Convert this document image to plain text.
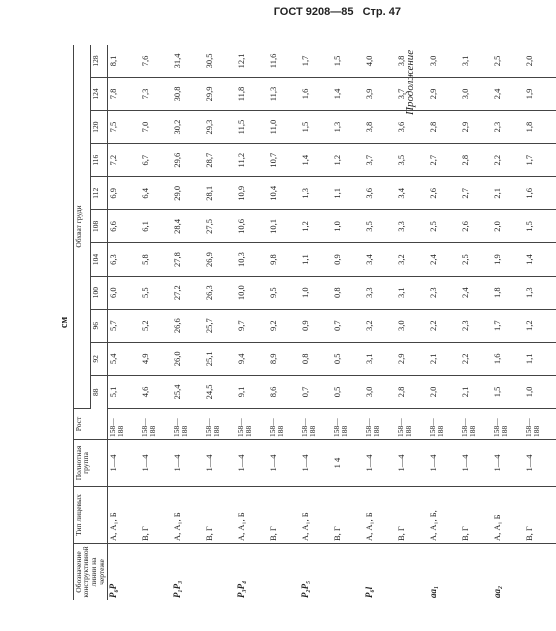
ГОСТ 9208—85 Стр. 47
Продолжение
см														
Обозначение конструктивной линии на чертеже	Тип лицевых	Полнотная группа	Рост	Обхват груди										
				88	92	96	100	104	108	112	116	120	124	128
P₆P	А, А₁, Б	1—4	158—188	5,1	5,4	5,7	6,0	6,3	6,6	6,9	7,2	7,5	7,8	8,1
	В, Г	1—4	158—188	4,6	4,9	5,2	5,5	5,8	6,1	6,4	6,7	7,0	7,3	7,6
P₁P₃	А, А₁, Б	1—4	158—188	25,4	26,0	26,6	27,2	27,8	28,4	29,0	29,6	30,2	30,8	31,4
	В, Г	1—4	158—188	24,5	25,1	25,7	26,3	26,9	27,5	28,1	28,7	29,3	29,9	30,5
P₃P₄	А, А₁, Б	1—4	158—188	9,1	9,4	9,7	10,0	10,3	10,6	10,9	11,2	11,5	11,8	12,1
	В, Г	1—4	158—188	8,6	8,9	9,2	9,5	9,8	10,1	10,4	10,7	11,0	11,3	11,6
P₂P₅	А, А₁, Б	1—4	158—188	0,7	0,8	0,9	1,0	1,1	1,2	1,3	1,4	1,5	1,6	1,7
	В, Г	1 4	158—188	0,5	0,5	0,7	0,8	0,9	1,0	1,1	1,2	1,3	1,4	1,5
P₆l	А, А₁, Б	1—4	158—188	3,0	3,1	3,2	3,3	3,4	3,5	3,6	3,7	3,8	3,9	4,0
	В, Г	1—4	158—188	2,8	2,9	3,0	3,1	3,2	3,3	3,4	3,5	3,6	3,7	3,8
aa₁	А, А₁, Б,	1—4	158—188	2,0	2,1	2,2	2,3	2,4	2,5	2,6	2,7	2,8	2,9	3,0
	В, Г	1—4	158—188	2,1	2,2	2,3	2,4	2,5	2,6	2,7	2,8	2,9	3,0	3,1
aa₂	А, А₁ Б	1—4	158—188	1,5	1,6	1,7	1,8	1,9	2,0	2,1	2,2	2,3	2,4	2,5
	В, Г	1—4	158—188	1,0	1,1	1,2	1,3	1,4	1,5	1,6	1,7	1,8	1,9	2,0
